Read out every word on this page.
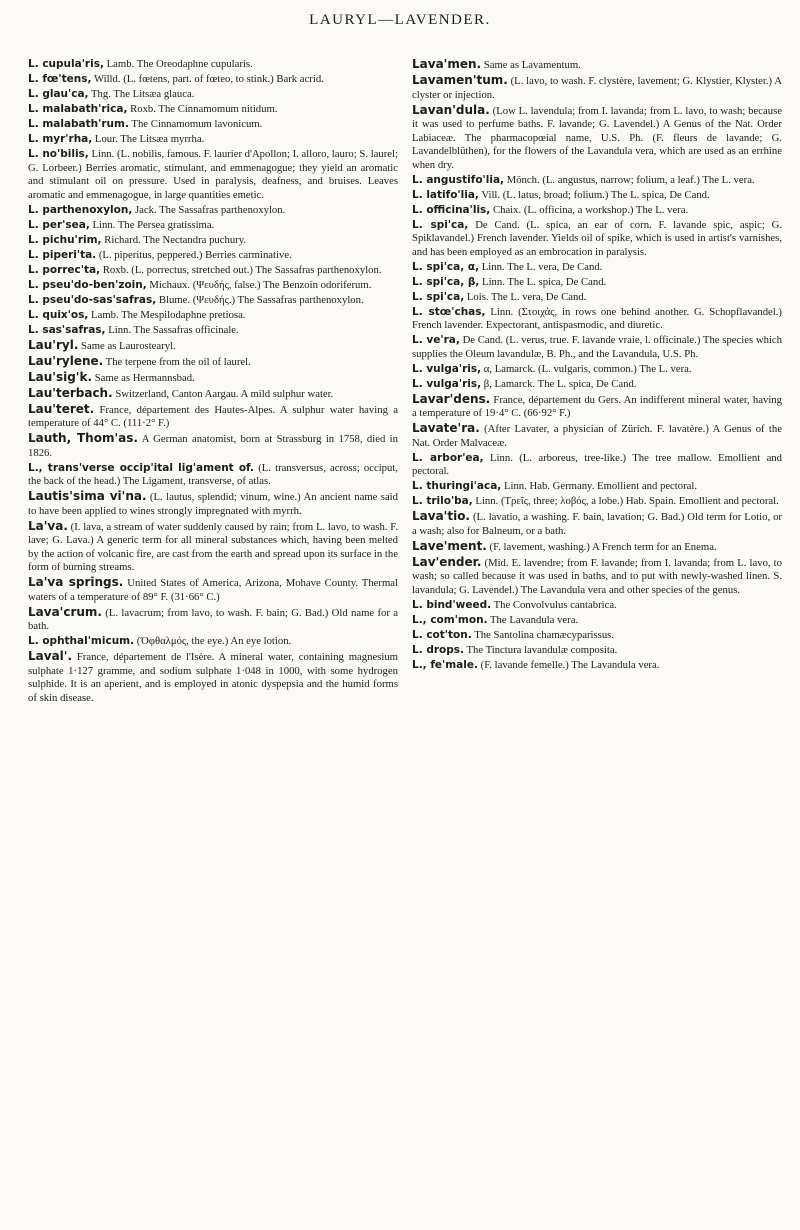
LAURYL—LAVENDER.

L. cupula'ris, Lamb. The Oreodaphne cupularis.

L. fœ'tens, Willd. (L. fœtens, part. of fœteo, to stink.) Bark acrid.

L. glau'ca, Thg. The Litsæa glauca.

L. malabath'rica, Roxb. The Cinnamomum nitidum.

L. malabath'rum. The Cinnamomum lavonicum.

L. myr'rha, Lour. The Litsæa myrrha.

L. no'bilis, Linn. (L. nobilis, famous. F. laurier d'Apollon; I. alloro, lauro; S. laurel; G. Lorbeer.) Berries aromatic, stimulant, and emmenagogue; they yield an aromatic and stimulant oil on pressure. Used in paralysis, deafness, and bruises. Leaves aromatic and emmenagogue, in large quantities emetic.

L. parthenoxylon, Jack. The Sassafras parthenoxylon.

L. per'sea, Linn. The Persea gratissima.

L. pichu'rim, Richard. The Nectandra puchury.

L. piperi'ta. (L. piperitus, peppered.) Berries carminative.

L. porrec'ta, Roxb. (L. porrectus, stretched out.) The Sassafras parthenoxylon.

L. pseu'do-ben'zoin, Michaux. (Ψευδής, false.) The Benzoin odoriferum.

L. pseu'do-sas'safras, Blume. (Ψευδής.) The Sassafras parthenoxylon.

L. quix'os, Lamb. The Mespilodaphne pretiosa.

L. sas'safras, Linn. The Sassafras officinale.

Lau'ryl. Same as Laurostearyl.

Lau'rylene. The terpene from the oil of laurel.

Lau'sig'k. Same as Hermannsbad.

Lau'terbach. Switzerland, Canton Aargau. A mild sulphur water.

Lau'teret. France, département des Hautes-Alpes. A sulphur water having a temperature of 44° C. (111·2° F.)

Lauth, Thom'as. A German anatomist, born at Strassburg in 1758, died in 1826.

L., trans'verse occip'ital lig'ament of. (L. transversus, across; occiput, the back of the head.) The Ligament, transverse, of atlas.

Lautis'sima vi'na. (L. lautus, splendid; vinum, wine.) An ancient name said to have been applied to wines strongly impregnated with myrrh.

La'va. (I. lava, a stream of water suddenly caused by rain; from L. lavo, to wash. F. lave; G. Lava.) A generic term for all mineral substances which, having been melted by the action of volcanic fire, are cast from the earth and spread upon its surface in the form of burning streams.

La'va springs. United States of America, Arizona, Mohave County. Thermal waters of a temperature of 89° F. (31·66° C.)

Lava'crum. (L. lavacrum; from lavo, to wash. F. bain; G. Bad.) Old name for a bath.

L. ophthal'micum. (Ὀφθαλμός, the eye.) An eye lotion.

Laval'. France, département de l'Isère. A mineral water, containing magnesium sulphate 1·127 gramme, and sodium sulphate 1·048 in 1000, with some hydrogen sulphide. It is an aperient, and is employed in atonic dyspepsia and the humid forms of skin disease.

Lava'men. Same as Lavamentum.

Lavamen'tum. (L. lavo, to wash. F. clystère, lavement; G. Klystier, Klyster.) A clyster or injection.

Lavan'dula. (Low L. lavendula; from I. lavanda; from L. lavo, to wash; because it was used to perfume baths. F. lavande; G. Lavendel.) A Genus of the Nat. Order Labiaceæ. The pharmacopœial name, U.S. Ph. (F. fleurs de lavande; G. Lavandelblüthen), for the flowers of the Lavandula vera, which are used as an errhine when dry.

L. angustifo'lia, Mönch. (L. angustus, narrow; folium, a leaf.) The L. vera.

L. latifo'lia, Vill. (L. latus, broad; folium.) The L. spica, De Cand.

L. officina'lis, Chaix. (L. officina, a workshop.) The L. vera.

L. spi'ca, De Cand. (L. spica, an ear of corn. F. lavande spic, aspic; G. Spiklavandel.) French lavender. Yields oil of spike, which is used in artist's varnishes, and has been employed as an embrocation in paralysis.

L. spi'ca, α, Linn. The L. vera, De Cand.

L. spi'ca, β, Linn. The L. spica, De Cand.

L. spi'ca, Lois. The L. vera, De Cand.

L. stœ'chas, Linn. (Στοιχάς, in rows one behind another. G. Schopflavandel.) French lavender. Expectorant, antispasmodic, and diuretic.

L. ve'ra, De Cand. (L. verus, true. F. lavande vraie, l. officinale.) The species which supplies the Oleum lavandulæ, B. Ph., and the Lavandula, U.S. Ph.

L. vulga'ris, α, Lamarck. (L. vulgaris, common.) The L. vera.

L. vulga'ris, β, Lamarck. The L. spica, De Cand.

Lavar'dens. France, département du Gers. An indifferent mineral water, having a temperature of 19·4° C. (66·92° F.)

Lavate'ra. (After Lavater, a physician of Zürich. F. lavatère.) A Genus of the Nat. Order Malvaceæ.

L. arbor'ea, Linn. (L. arboreus, tree-like.) The tree mallow. Emollient and pectoral.

L. thuringi'aca, Linn. Hab. Germany. Emollient and pectoral.

L. trilo'ba, Linn. (Τρεῖς, three; λοβός, a lobe.) Hab. Spain. Emollient and pectoral.

Lava'tio. (L. lavatio, a washing. F. bain, lavation; G. Bad.) Old term for Lotio, or a wash; also for Balneum, or a bath.

Lave'ment. (F. lavement, washing.) A French term for an Enema.

Lav'ender. (Mid. E. lavendre; from F. lavande; from I. lavanda; from L. lavo, to wash; so called because it was used in baths, and to put with newly-washed linen. S. lavandula; G. Lavendel.) The Lavandula vera and other species of the genus.

L. bind'weed. The Convolvulus cantabrica.

L., com'mon. The Lavandula vera.

L. cot'ton. The Santolina chamæcyparissus.

L. drops. The Tinctura lavandulæ composita.

L., fe'male. (F. lavande femelle.) The Lavandula vera.
